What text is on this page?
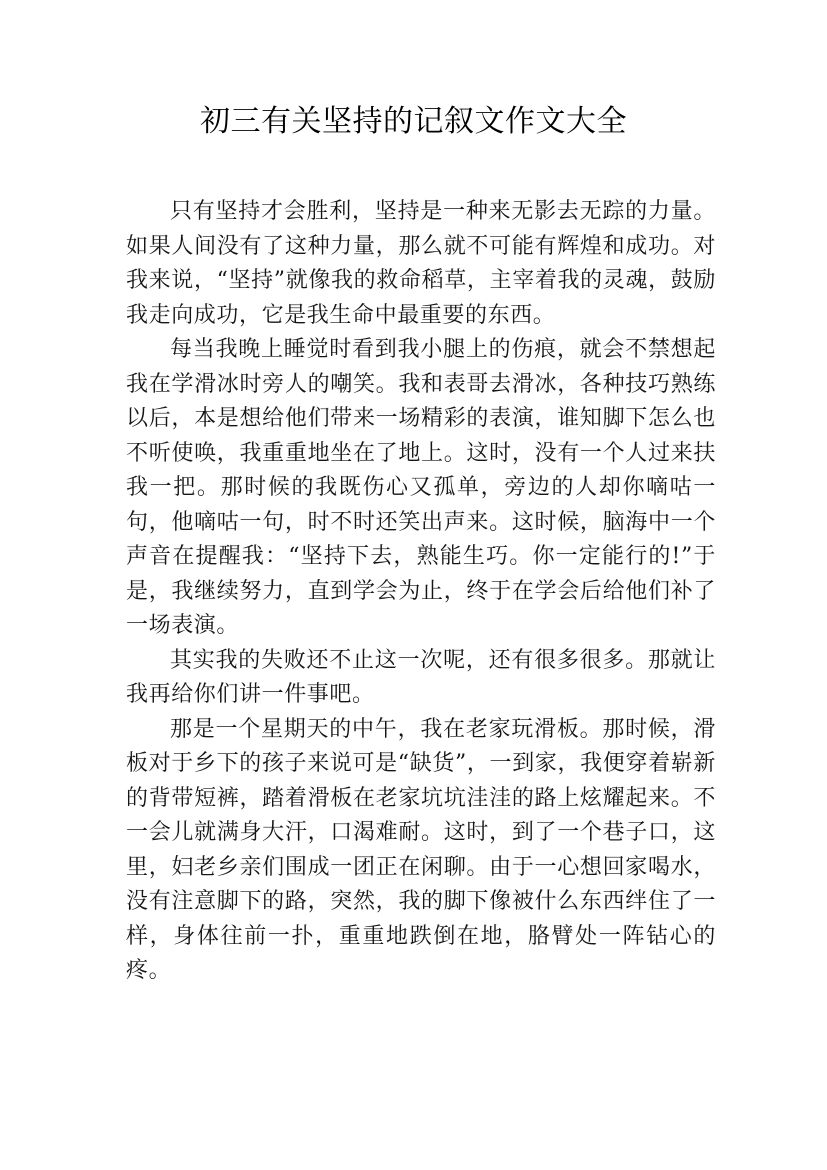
初三有关坚持的记叙文作文大全

只有坚持才会胜利，坚持是一种来无影去无踪的力量。如果人间没有了这种力量，那么就不可能有辉煌和成功。对我来说，“坚持”就像我的救命稻草，主宰着我的灵魂，鼓励我走向成功，它是我生命中最重要的东西。

每当我晚上睡觉时看到我小腿上的伤痕，就会不禁想起我在学滑冰时旁人的嘲笑。我和表哥去滑冰，各种技巧熟练以后，本是想给他们带来一场精彩的表演，谁知脚下怎么也不听使唤，我重重地坐在了地上。这时，没有一个人过来扶我一把。那时候的我既伤心又孤单，旁边的人却你嘀咕一句，他嘀咕一句，时不时还笑出声来。这时候，脑海中一个声音在提醒我：“坚持下去，熟能生巧。你一定能行的!”于是，我继续努力，直到学会为止，终于在学会后给他们补了一场表演。

其实我的失败还不止这一次呢，还有很多很多。那就让我再给你们讲一件事吧。

那是一个星期天的中午，我在老家玩滑板。那时候，滑板对于乡下的孩子来说可是“缺货”，一到家，我便穿着崭新的背带短裤，踏着滑板在老家坑坑洼洼的路上炫耀起来。不一会儿就满身大汗，口渴难耐。这时，到了一个巷子口，这里，妇老乡亲们围成一团正在闲聊。由于一心想回家喝水，没有注意脚下的路，突然，我的脚下像被什么东西绊住了一样，身体往前一扑，重重地跌倒在地，胳臂处一阵钻心的疼。
